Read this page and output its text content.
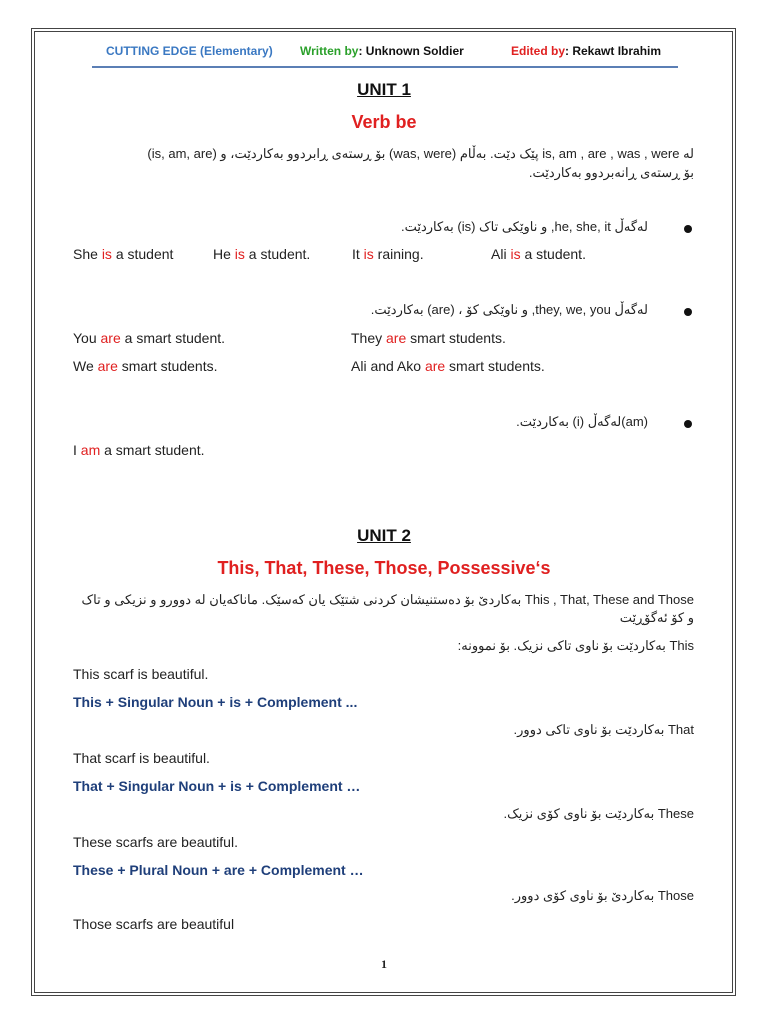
CUTTING EDGE (Elementary) Written by: Unknown Soldier	Edited by: Rekawt Ibrahim
UNIT 1
Verb be
لە is, am , are , was , were پێک دێت. بەڵام (was, were) بۆ ڕستەی ڕابردوو بەکاردێت، و (is, am, are)
بۆ ڕستەی ڕانەبردوو بەکاردێت.
لەگەڵ he, she, it, و ناوێکی تاک (is) بەکاردێت.
She is a student	He is a student.	It is raining.	Ali is a student.
لەگەڵ they, we, you, و ناوێکی کۆ ، (are) بەکاردێت.
You are a smart student.	They are smart students.
We are smart students.	Ali and Ako are smart students.
(am)لەگەڵ (i) بەکاردێت.
I am a smart student.
UNIT 2
This, That, These, Those, Possessive‘s
This , That, These and Those بەکاردێ بۆ دەستنیشان کردنی شتێک یان کەسێک. ماناکەیان لە دوورو و نزیکی و تاک
و کۆ ئەگۆڕێت
This بەکاردێت بۆ ناوی تاکی نزیک. بۆ نموونە:
This scarf is beautiful.
This + Singular Noun + is + Complement ...
That بەکاردێت بۆ ناوی تاکی دوور.
That scarf is beautiful.
That + Singular Noun + is + Complement …
These بەکاردێت بۆ ناوی کۆی نزیک.
These scarfs are beautiful.
These + Plural Noun + are + Complement …
Those بەکاردێ بۆ ناوی کۆی دوور.
Those scarfs are beautiful
1
